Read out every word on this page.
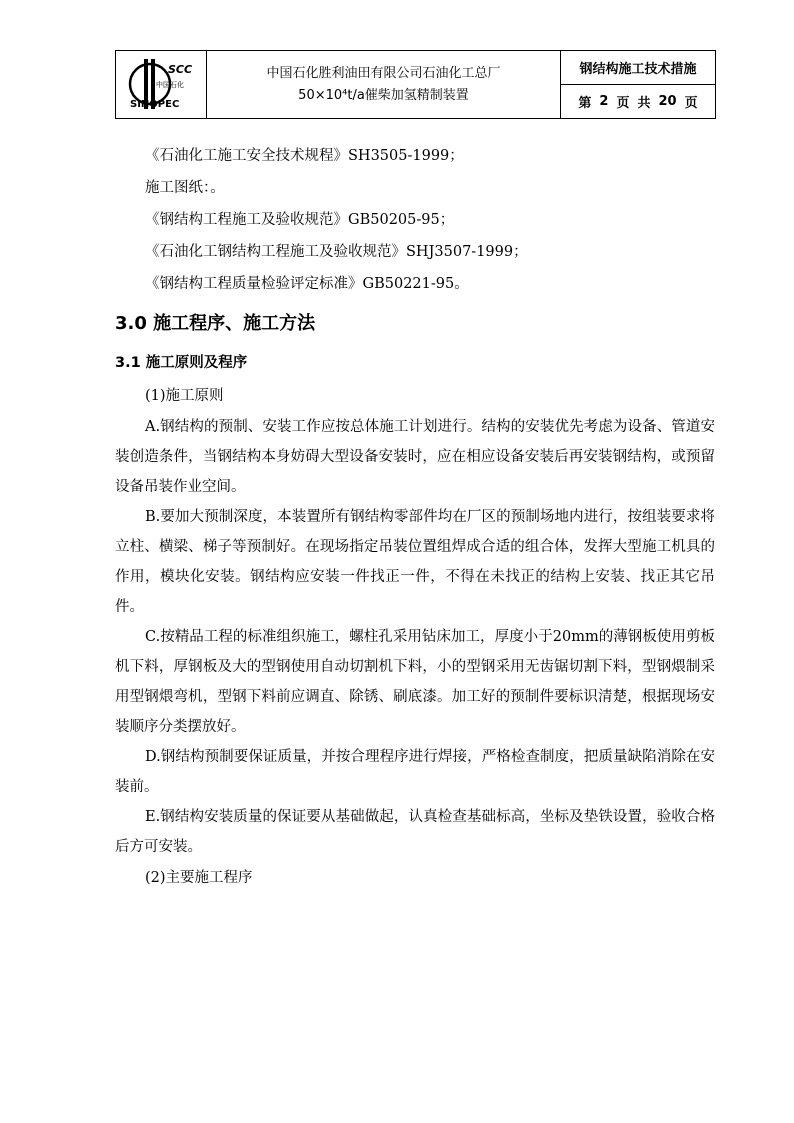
SCC
中国石化
SINOPEC
中国石化胜利油田有限公司石油化工总厂
50×10⁴t/a催柴加氢精制装置
钢结构施工技术措施
第 2 页 共 20 页
《石油化工施工安全技术规程》SH3505-1999；
施工图纸：。
《钢结构工程施工及验收规范》GB50205-95；
《石油化工钢结构工程施工及验收规范》SHJ3507-1999；
《钢结构工程质量检验评定标准》GB50221-95。
3.0 施工程序、施工方法
3.1 施工原则及程序
(1)施工原则
A.钢结构的预制、安装工作应按总体施工计划进行。结构的安装优先考虑为设备、管道安装创造条件，当钢结构本身妨碍大型设备安装时，应在相应设备安装后再安装钢结构，或预留设备吊装作业空间。
B.要加大预制深度，本装置所有钢结构零部件均在厂区的预制场地内进行，按组装要求将立柱、横梁、梯子等预制好。在现场指定吊装位置组焊成合适的组合体，发挥大型施工机具的作用，模块化安装。钢结构应安装一件找正一件，不得在未找正的结构上安装、找正其它吊件。
C.按精品工程的标准组织施工，螺柱孔采用钻床加工，厚度小于20mm的薄钢板使用剪板机下料，厚钢板及大的型钢使用自动切割机下料，小的型钢采用无齿锯切割下料，型钢煨制采用型钢煨弯机，型钢下料前应调直、除锈、刷底漆。加工好的预制件要标识清楚，根据现场安装顺序分类摆放好。
D.钢结构预制要保证质量，并按合理程序进行焊接，严格检查制度，把质量缺陷消除在安装前。
E.钢结构安装质量的保证要从基础做起，认真检查基础标高，坐标及垫铁设置，验收合格后方可安装。
(2)主要施工程序
